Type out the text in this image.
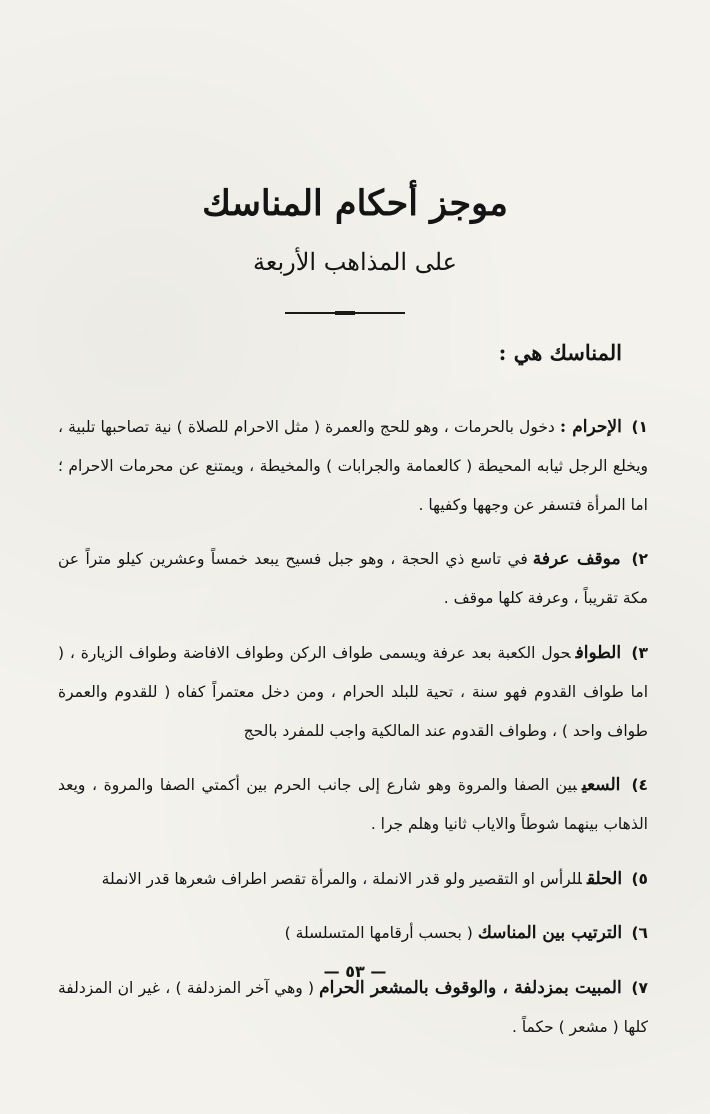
موجز أحكام المناسك
على المذاهب الأربعة
المناسك هي :

١) الإحرام :دخول بالحرمات ، وهو للحج والعمرة ( مثل الاحرام للصلاة ) نية تصاحبها تلبية ، ويخلع الرجل ثيابه المحيطة ( كالعمامة والجرابات ) والمخيطة ، ويمتنع عن محرمات الاحرام ؛ اما المرأة فتسفر عن وجهها وكفيها .

٢) موقف عرفةفي تاسع ذي الحجة ، وهو جبل فسيح يبعد خمساً وعشرين كيلو متراً عن مكة تقريباً ، وعرفة كلها موقف .

٣) الطوافحول الكعبة بعد عرفة ويسمى طواف الركن وطواف الافاضة وطواف الزيارة ، ( اما طواف القدوم فهو سنة ، تحية للبلد الحرام ، ومن دخل معتمراً كفاه ( للقدوم والعمرة طواف واحد ) ، وطواف القدوم عند المالكية واجب للمفرد بالحج

٤) السعيبين الصفا والمروة وهو شارع إلى جانب الحرم بين أكمتي الصفا والمروة ، ويعد الذهاب بينهما شوطاً والاياب ثانيا وهلم جرا .

٥) الحلقللرأس او التقصير ولو قدر الانملة ، والمرأة تقصر اطراف شعرها قدر الانملة

٦) الترتيب بين المناسك( بحسب أرقامها المتسلسلة )

٧) المبيت بمزدلفة ، والوقوف بالمشعر الحرام( وهي آخر المزدلفة ) ، غير ان المزدلفة كلها ( مشعر ) حكماً .

— ٥٣ —
